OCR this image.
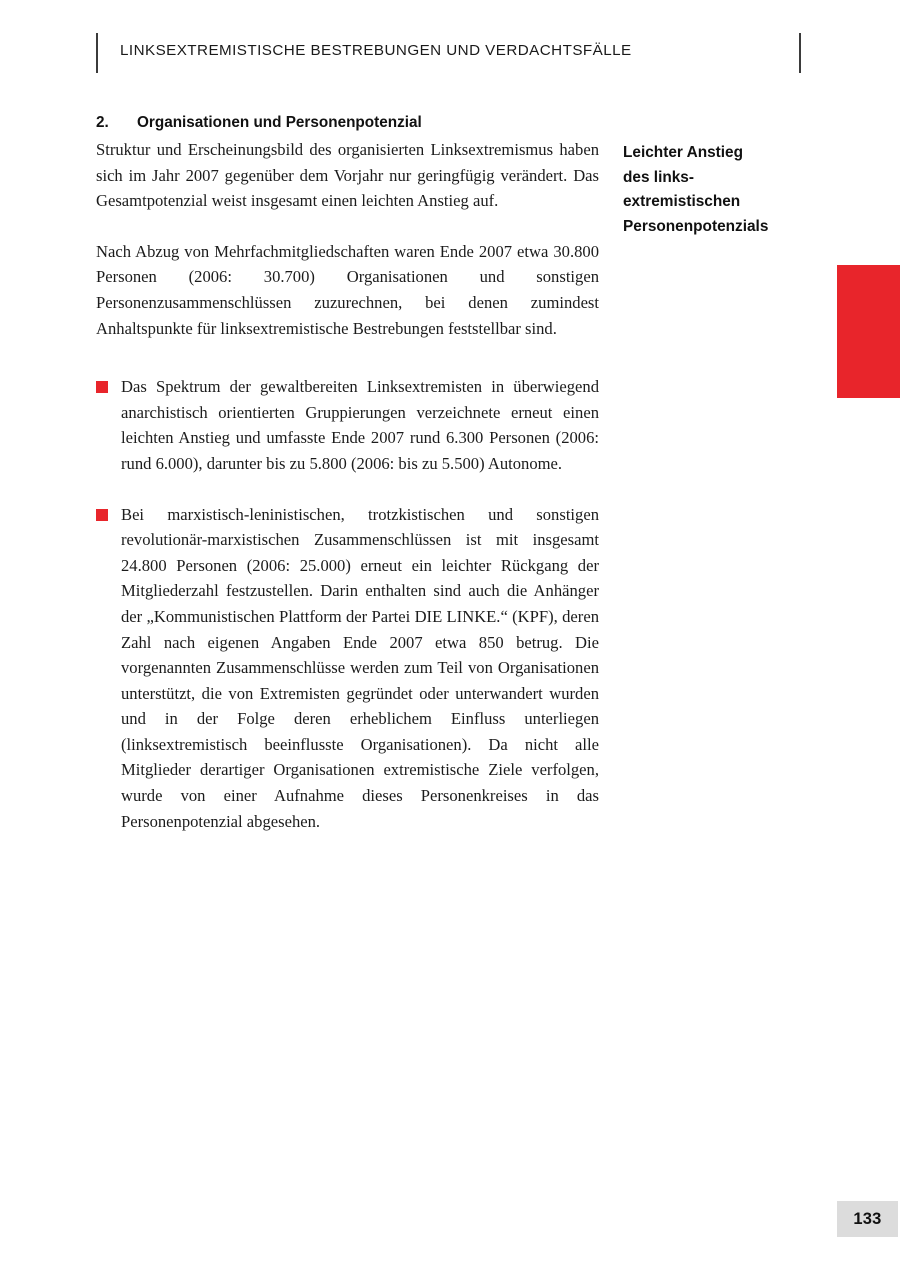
LINKSEXTREMISTISCHE BESTREBUNGEN UND VERDACHTSFÄLLE
2.	Organisationen und Personenpotenzial

Struktur und Erscheinungsbild des organisierten Linksextremismus haben sich im Jahr 2007 gegenüber dem Vorjahr nur geringfügig verändert. Das Gesamtpotenzial weist insgesamt einen leichten Anstieg auf.

Nach Abzug von Mehrfachmitgliedschaften waren Ende 2007 etwa 30.800 Personen (2006: 30.700) Organisationen und sonstigen Personenzusammenschlüssen zuzurechnen, bei denen zumindest Anhaltspunkte für linksextremistische Bestrebungen feststellbar sind.

Das Spektrum der gewaltbereiten Linksextremisten in überwiegend anarchistisch orientierten Gruppierungen verzeichnete erneut einen leichten Anstieg und umfasste Ende 2007 rund 6.300 Personen (2006: rund 6.000), darunter bis zu 5.800 (2006: bis zu 5.500) Autonome.
Bei marxistisch-leninistischen, trotzkistischen und sonstigen revolutionär-marxistischen Zusammenschlüssen ist mit insgesamt 24.800 Personen (2006: 25.000) erneut ein leichter Rückgang der Mitgliederzahl festzustellen. Darin enthalten sind auch die Anhänger der „Kommunistischen Plattform der Partei DIE LINKE.“ (KPF), deren Zahl nach eigenen Angaben Ende 2007 etwa 850 betrug. Die vorgenannten Zusammenschlüsse werden zum Teil von Organisationen unterstützt, die von Extremisten gegründet oder unterwandert wurden und in der Folge deren erheblichem Einfluss unterliegen (linksextremistisch beeinflusste Organisationen). Da nicht alle Mitglieder derartiger Organisationen extremistische Ziele verfolgen, wurde von einer Aufnahme dieses Personenkreises in das Personenpotenzial abgesehen.
Leichter Anstieg
des links-
extremistischen
Personenpotenzials
133
